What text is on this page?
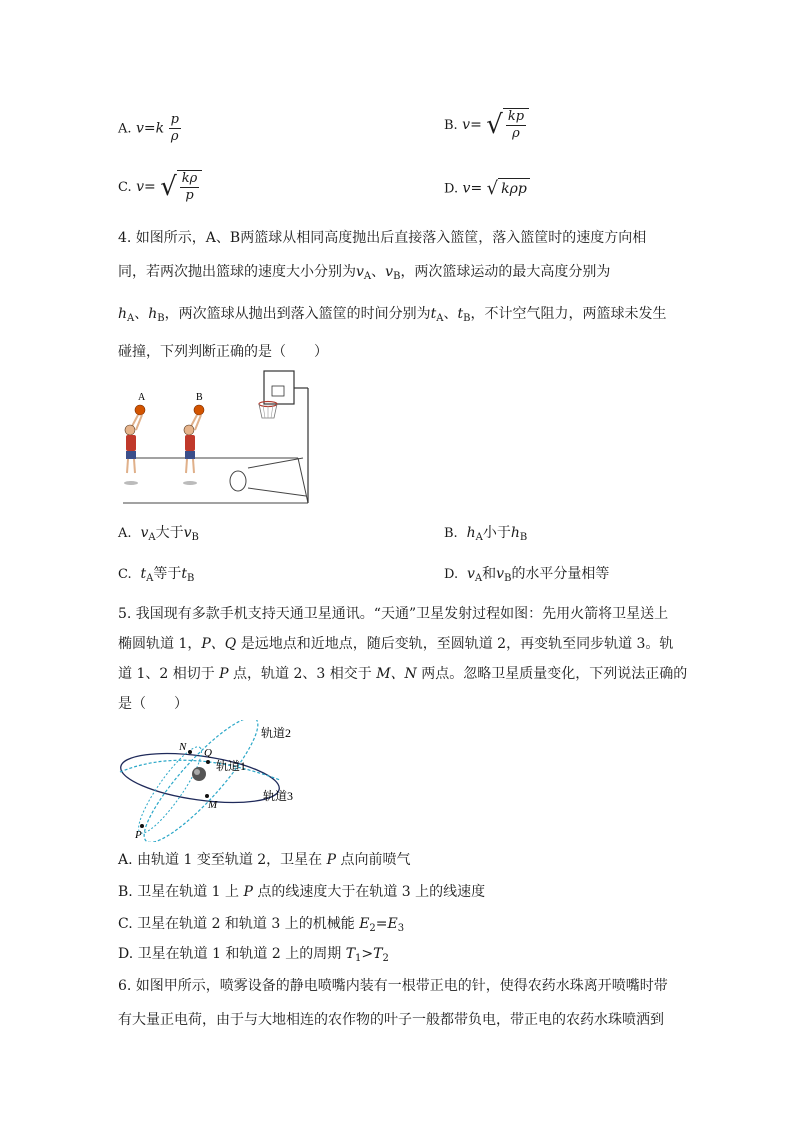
A. $v=k \frac{p}{\rho}$	B. v= √ $\frac{kp}{\rho}$
C. v= √ $\frac{k\rho}{p}$	D. v= √ kρp
4. 如图所示，A、B两篮球从相同高度抛出后直接落入篮筐，落入篮筐时的速度方向相
同，若两次抛出篮球的速度大小分别为$v_A$、$v_B$，两次篮球运动的最大高度分别为
$h_A$、$h_B$，两次篮球从抛出到落入篮筐的时间分别为$t_A$、$t_B$，不计空气阻力，两篮球未发生
碰撞，下列判断正确的是（　　）
A	B
A. $v_A$大于$v_B$	B. $h_A$小于$h_B$
C. $t_A$等于$t_B$	D. $v_A$和$v_B$的水平分量相等
5. 我国现有多款手机支持天通卫星通讯。“天通”卫星发射过程如图：先用火箭将卫星送上
椭圆轨道 1，P、Q 是远地点和近地点，随后变轨，至圆轨道 2，再变轨至同步轨道 3。轨
道 1、2 相切于 P 点，轨道 2、3 相交于 M、N 两点。忽略卫星质量变化，下列说法正确的
是（　　）
N Q
M
P
轨道2
轨道1
轨道3
A. 由轨道 1 变至轨道 2，卫星在 P 点向前喷气
B. 卫星在轨道 1 上 P 点的线速度大于在轨道 3 上的线速度
C. 卫星在轨道 2 和轨道 3 上的机械能 $E_2=E_3$
D. 卫星在轨道 1 和轨道 2 上的周期 $T_1>T_2$
6. 如图甲所示，喷雾设备的静电喷嘴内装有一根带正电的针，使得农药水珠离开喷嘴时带
有大量正电荷，由于与大地相连的农作物的叶子一般都带负电，带正电的农药水珠喷洒到
